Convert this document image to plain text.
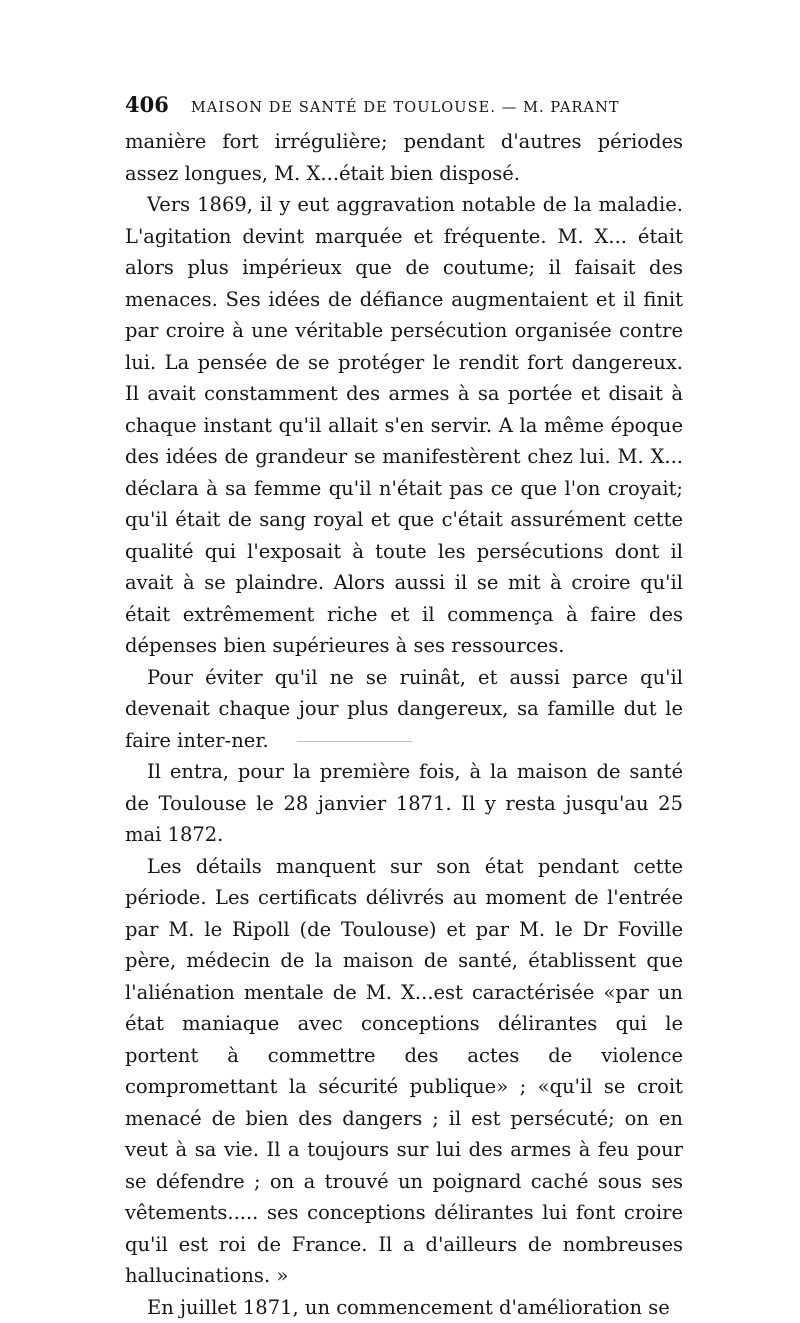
406 MAISON DE SANTÉ DE TOULOUSE. — M. PARANT

manière fort irrégulière; pendant d'autres périodes assez longues, M. X...était bien disposé.

Vers 1869, il y eut aggravation notable de la maladie. L'agitation devint marquée et fréquente. M. X... était alors plus impérieux que de coutume; il faisait des menaces. Ses idées de défiance augmentaient et il finit par croire à une véritable persécution organisée contre lui. La pensée de se protéger le rendit fort dangereux. Il avait constamment des armes à sa portée et disait à chaque instant qu'il allait s'en servir. A la même époque des idées de grandeur se manifestèrent chez lui. M. X... déclara à sa femme qu'il n'était pas ce que l'on croyait; qu'il était de sang royal et que c'était assurément cette qualité qui l'exposait à toute les persécutions dont il avait à se plaindre. Alors aussi il se mit à croire qu'il était extrêmement riche et il commença à faire des dépenses bien supérieures à ses ressources.

Pour éviter qu'il ne se ruinât, et aussi parce qu'il devenait chaque jour plus dangereux, sa famille dut le faire inter-ner.

Il entra, pour la première fois, à la maison de santé de Toulouse le 28 janvier 1871. Il y resta jusqu'au 25 mai 1872.

Les détails manquent sur son état pendant cette période. Les certificats délivrés au moment de l'entrée par M. le Ripoll (de Toulouse) et par M. le Dr Foville père, médecin de la maison de santé, établissent que l'aliénation mentale de M. X...est caractérisée «par un état maniaque avec conceptions délirantes qui le portent à commettre des actes de violence compromettant la sécurité publique» ; «qu'il se croit menacé de bien des dangers ; il est persécuté; on en veut à sa vie. Il a toujours sur lui des armes à feu pour se défendre ; on a trouvé un poignard caché sous ses vêtements..... ses conceptions délirantes lui font croire qu'il est roi de France. Il a d'ailleurs de nombreuses hallucinations. »

En juillet 1871, un commencement d'amélioration se
